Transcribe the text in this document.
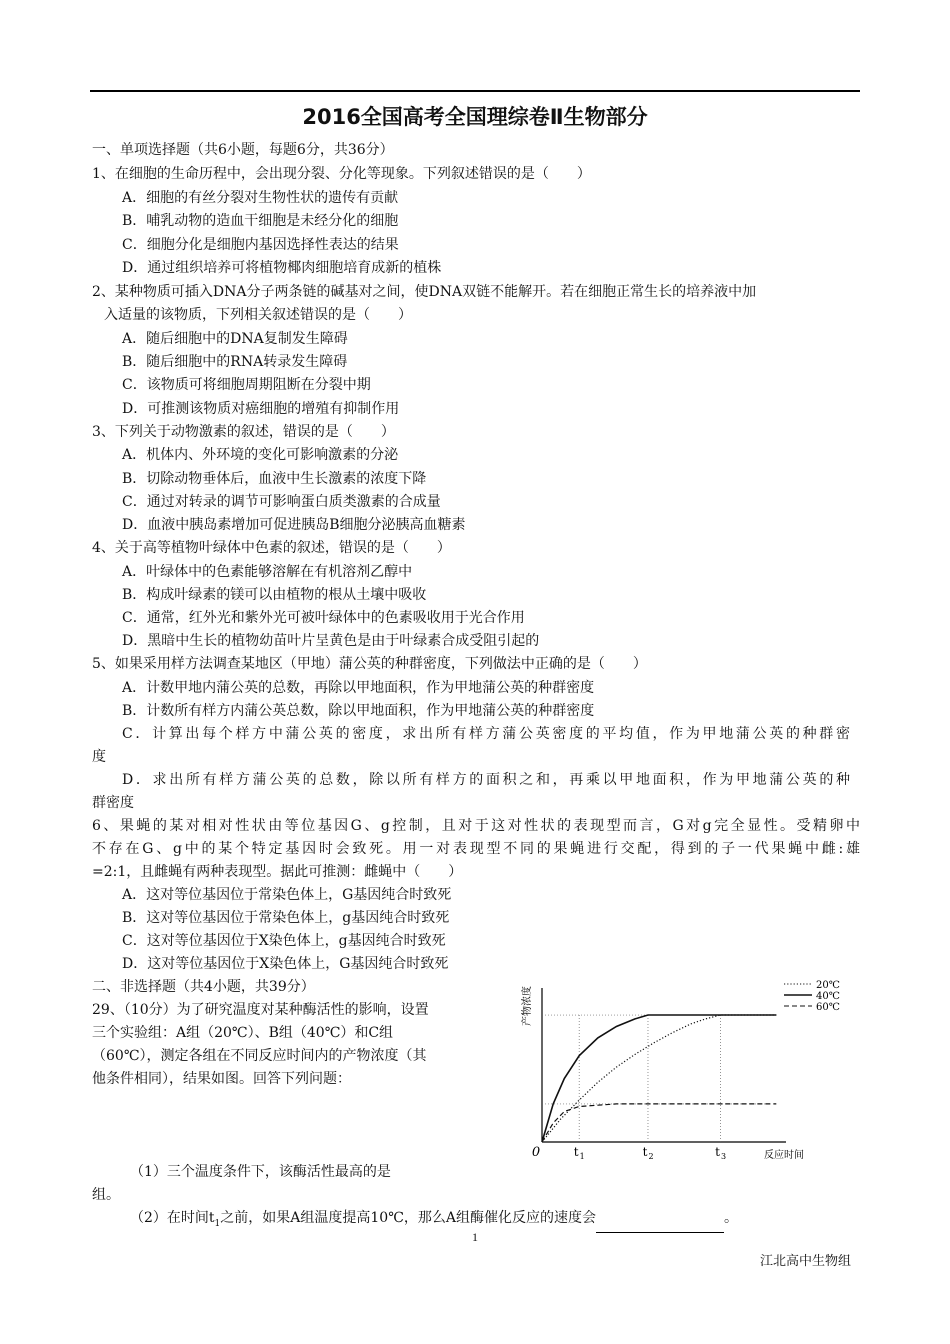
2016全国高考全国理综卷Ⅱ生物部分
一、单项选择题（共6小题，每题6分，共36分）
1、在细胞的生命历程中，会出现分裂、分化等现象。下列叙述错误的是（　　）
A．细胞的有丝分裂对生物性状的遗传有贡献
B．哺乳动物的造血干细胞是未经分化的细胞
C．细胞分化是细胞内基因选择性表达的结果
D．通过组织培养可将植物椰肉细胞培育成新的植株
2、某种物质可插入DNA分子两条链的碱基对之间，使DNA双链不能解开。若在细胞正常生长的培养液中加
入适量的该物质，下列相关叙述错误的是（　　）
A．随后细胞中的DNA复制发生障碍
B．随后细胞中的RNA转录发生障碍
C．该物质可将细胞周期阻断在分裂中期
D．可推测该物质对癌细胞的增殖有抑制作用
3、下列关于动物激素的叙述，错误的是（　　）
A．机体内、外环境的变化可影响激素的分泌
B．切除动物垂体后，血液中生长激素的浓度下降
C．通过对转录的调节可影响蛋白质类激素的合成量
D．血液中胰岛素增加可促进胰岛B细胞分泌胰高血糖素
4、关于高等植物叶绿体中色素的叙述，错误的是（　　）
A．叶绿体中的色素能够溶解在有机溶剂乙醇中
B．构成叶绿素的镁可以由植物的根从土壤中吸收
C．通常，红外光和紫外光可被叶绿体中的色素吸收用于光合作用
D．黑暗中生长的植物幼苗叶片呈黄色是由于叶绿素合成受阻引起的
5、如果采用样方法调查某地区（甲地）蒲公英的种群密度，下列做法中正确的是（　　）
A．计数甲地内蒲公英的总数，再除以甲地面积，作为甲地蒲公英的种群密度
B．计数所有样方内蒲公英总数，除以甲地面积，作为甲地蒲公英的种群密度
C．计算出每个样方中蒲公英的密度，求出所有样方蒲公英密度的平均值，作为甲地蒲公英的种群密
度
D．求出所有样方蒲公英的总数，除以所有样方的面积之和，再乘以甲地面积，作为甲地蒲公英的种
群密度
6、果蝇的某对相对性状由等位基因G、g控制，且对于这对性状的表现型而言，G对g完全显性。受精卵中
不存在G、g中的某个特定基因时会致死。用一对表现型不同的果蝇进行交配，得到的子一代果蝇中雌:雄
=2:1，且雌蝇有两种表现型。据此可推测：雌蝇中（　　）
A．这对等位基因位于常染色体上，G基因纯合时致死
B．这对等位基因位于常染色体上，g基因纯合时致死
C．这对等位基因位于X染色体上，g基因纯合时致死
D．这对等位基因位于X染色体上，G基因纯合时致死
二、非选择题（共4小题，共39分）
29、（10分）为了研究温度对某种酶活性的影响，设置
三个实验组：A组（20℃）、B组（40℃）和C组
（60℃），测定各组在不同反应时间内的产物浓度（其
他条件相同），结果如图。回答下列问题：
（1）三个温度条件下，该酶活性最高的是
组。
（2）在时间$t_1$之前，如果A组温度提高10℃，那么A组酶催化反应的速度会	。
0	t 1	t 2	t 3	反应时间
产物浓度
20℃
40℃
60℃
1
江北高中生物组
